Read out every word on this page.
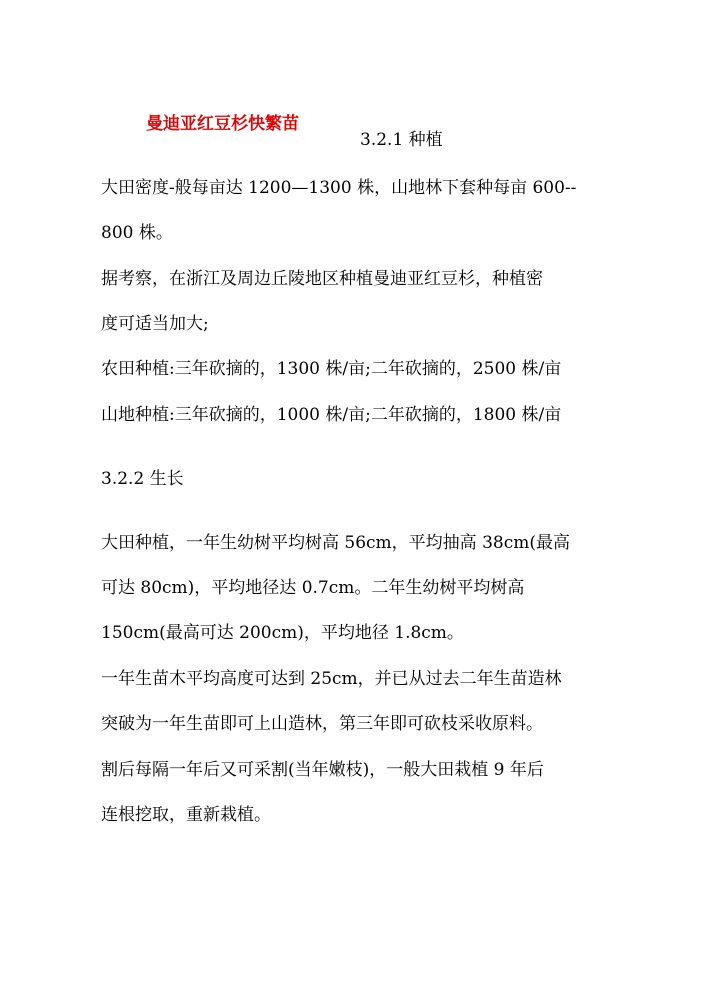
曼迪亚红豆杉快繁苗
3.2.1 种植
大田密度-般每亩达 1200—1300 株，山地林下套种每亩 600--
800 株。
据考察，在浙江及周边丘陵地区种植曼迪亚红豆杉，种植密
度可适当加大;
农田种植:三年砍摘的，1300 株/亩;二年砍摘的，2500 株/亩
山地种植:三年砍摘的，1000 株/亩;二年砍摘的，1800 株/亩
3.2.2 生长
大田种植，一年生幼树平均树高 56cm，平均抽高 38cm(最高
可达 80cm)，平均地径达 0.7cm。二年生幼树平均树高
150cm(最高可达 200cm)，平均地径 1.8cm。
一年生苗木平均高度可达到 25cm，并已从过去二年生苗造林
突破为一年生苗即可上山造林，第三年即可砍枝采收原料。
割后每隔一年后又可采割(当年嫩枝)，一般大田栽植 9 年后
连根挖取，重新栽植。
